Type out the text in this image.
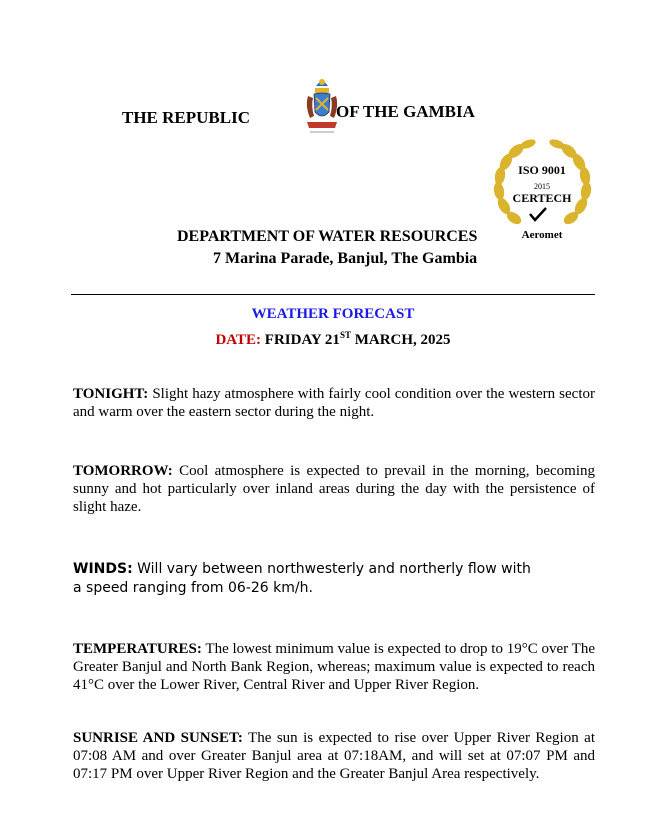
THE REPUBLIC	OF THE GAMBIA
ISO 9001
2015
CERTECH
Aeromet
DEPARTMENT OF WATER RESOURCES
7 Marina Parade, Banjul, The Gambia
WEATHER FORECAST
DATE: FRIDAY 21ST MARCH, 2025
TONIGHT: Slight hazy atmosphere with fairly cool condition over the western sector and warm over the eastern sector during the night.
TOMORROW: Cool atmosphere is expected to prevail in the morning, becoming sunny and hot particularly over inland areas during the day with the persistence of slight haze.
WINDS: Will vary between northwesterly and northerly flow with a speed ranging from 06-26 km/h.
TEMPERATURES: The lowest minimum value is expected to drop to 19°C over The Greater Banjul and North Bank Region, whereas; maximum value is expected to reach 41°C over the Lower River, Central River and Upper River Region.
SUNRISE AND SUNSET: The sun is expected to rise over Upper River Region at 07:08 AM and over Greater Banjul area at 07:18AM, and will set at 07:07 PM and 07:17 PM over Upper River Region and the Greater Banjul Area respectively.
